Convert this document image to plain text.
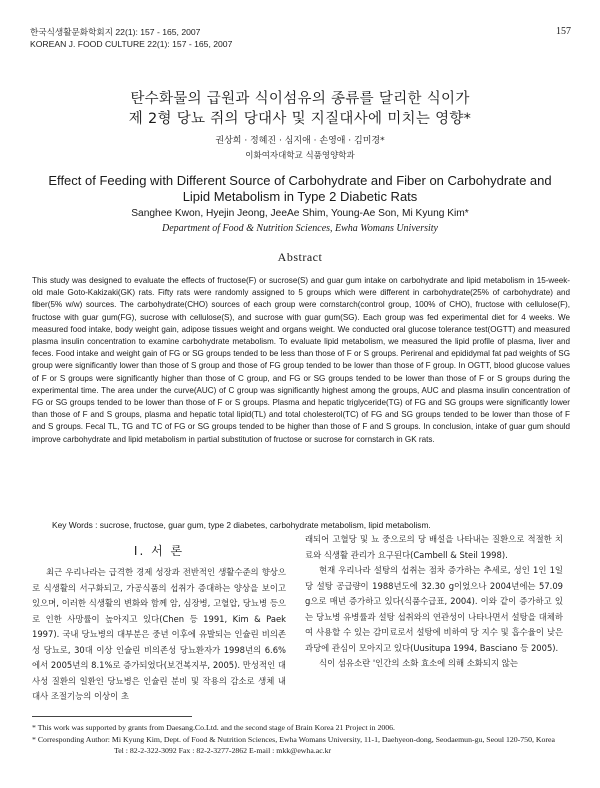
한국식생활문화학회지 22(1): 157 - 165, 2007
KOREAN J. FOOD CULTURE 22(1): 157 - 165, 2007
157
탄수화물의 급원과 식이섬유의 종류를 달리한 식이가
제 2형 당뇨 쥐의 당대사 및 지질대사에 미치는 영향*
권상희 · 정혜진 · 심지애 · 손영애 · 김미경*
이화여자대학교 식품영양학과
Effect of Feeding with Different Source of Carbohydrate and Fiber on Carbohydrate and
Lipid Metabolism in Type 2 Diabetic Rats
Sanghee Kwon, Hyejin Jeong, JeeAe Shim, Young-Ae Son, Mi Kyung Kim*
Department of Food & Nutrition Sciences, Ewha Womans University
Abstract

This study was designed to evaluate the effects of fructose(F) or sucrose(S) and guar gum intake on carbohydrate and lipid metabolism in 15-week-old male Goto-Kakizaki(GK) rats. Fifty rats were randomly assigned to 5 groups which were different in carbohydrate(25% of carbohydrate) and fiber(5% w/w) sources. The carbohydrate(CHO) sources of each group were cornstarch(control group, 100% of CHO), fructose with cellulose(F), fructose with guar gum(FG), sucrose with cellulose(S), and sucrose with guar gum(SG). Each group was fed experimental diet for 4 weeks. We measured food intake, body weight gain, adipose tissues weight and organs weight. We conducted oral glucose tolerance test(OGTT) and measured plasma insulin concentration to examine carbohydrate metabolism. To evaluate lipid metabolism, we measured the lipid profile of plasma, liver and feces. Food intake and weight gain of FG or SG groups tended to be less than those of F or S groups. Perirenal and epididymal fat pad weights of SG group were significantly lower than those of S group and those of FG group tended to be lower than those of F group. In OGTT, blood glucose values of F or S groups were significantly higher than those of C group, and FG or SG groups tended to be lower than those of F or S groups during the experimental time. The area under the curve(AUC) of C group was significantly highest among the groups, AUC and plasma insulin concentration of FG or SG groups tended to be lower than those of F or S groups. Plasma and hepatic triglyceride(TG) of FG and SG groups were significantly lower than those of F and S groups, plasma and hepatic total lipid(TL) and total cholesterol(TC) of FG and SG groups tended to be lower than those of F and S groups. Fecal TL, TG and TC of FG or SG groups tended to be higher than those of F and S groups. In conclusion, intake of guar gum should improve carbohydrate and lipid metabolism in partial substitution of fructose or sucrose for cornstarch in GK rats.

Key Words : sucrose, fructose, guar gum, type 2 diabetes, carbohydrate metabolism, lipid metabolism.
Ⅰ. 서 론

최근 우리나라는 급격한 경제 성장과 전반적인 생활수준의 향상으로 식생활의 서구화되고, 가공식품의 섭취가 증대하는 양상을 보이고 있으며, 이러한 식생활의 변화와 함께 암, 심장병, 고혈압, 당뇨병 등으로 인한 사망률이 높아지고 있다(Chen 등 1991, Kim & Paek 1997). 국내 당뇨병의 대부분은 중년 이후에 유발되는 인슐린 비의존성 당뇨로, 30대 이상 인슐린 비의존성 당뇨환자가 1998년의 6.6%에서 2005년의 8.1%로 증가되었다(보건복지부, 2005). 만성적인 대사성 질환의 일환인 당뇨병은 인슐린 분비 및 작용의 감소로 생체 내 대사 조절기능의 이상이 초

래되어 고혈당 및 뇨 중으로의 당 배설을 나타내는 질환으로 적절한 치료와 식생활 관리가 요구된다(Cambell & Steil 1998).
현재 우리나라 설탕의 섭취는 점차 증가하는 추세로, 성인 1인 1일당 설탕 공급량이 1988년도에 32.30 g이었으나 2004년에는 57.09 g으로 매년 증가하고 있다(식품수급표, 2004). 이와 같이 증가하고 있는 당뇨병 유병률과 설탕 섭취와의 연관성이 나타나면서 설탕을 대체하여 사용할 수 있는 감미료로서 설탕에 비하여 당 지수 및 흡수율이 낮은 과당에 관심이 모아지고 있다(Uusitupa 1994, Basciano 등 2005).
식이 섬유소란 '인간의 소화 효소에 의해 소화되지 않는
* This work was supported by grants from Daesang.Co.Ltd. and the second stage of Brain Korea 21 Project in 2006.
* Corresponding Author: Mi Kyung Kim, Dept. of Food & Nutrition Sciences, Ewha Womans University, 11-1, Daehyeon-dong, Seodaemun-gu, Seoul 120-750, Korea
Tel : 82-2-322-3092 Fax : 82-2-3277-2862 E-mail : mkk@ewha.ac.kr
